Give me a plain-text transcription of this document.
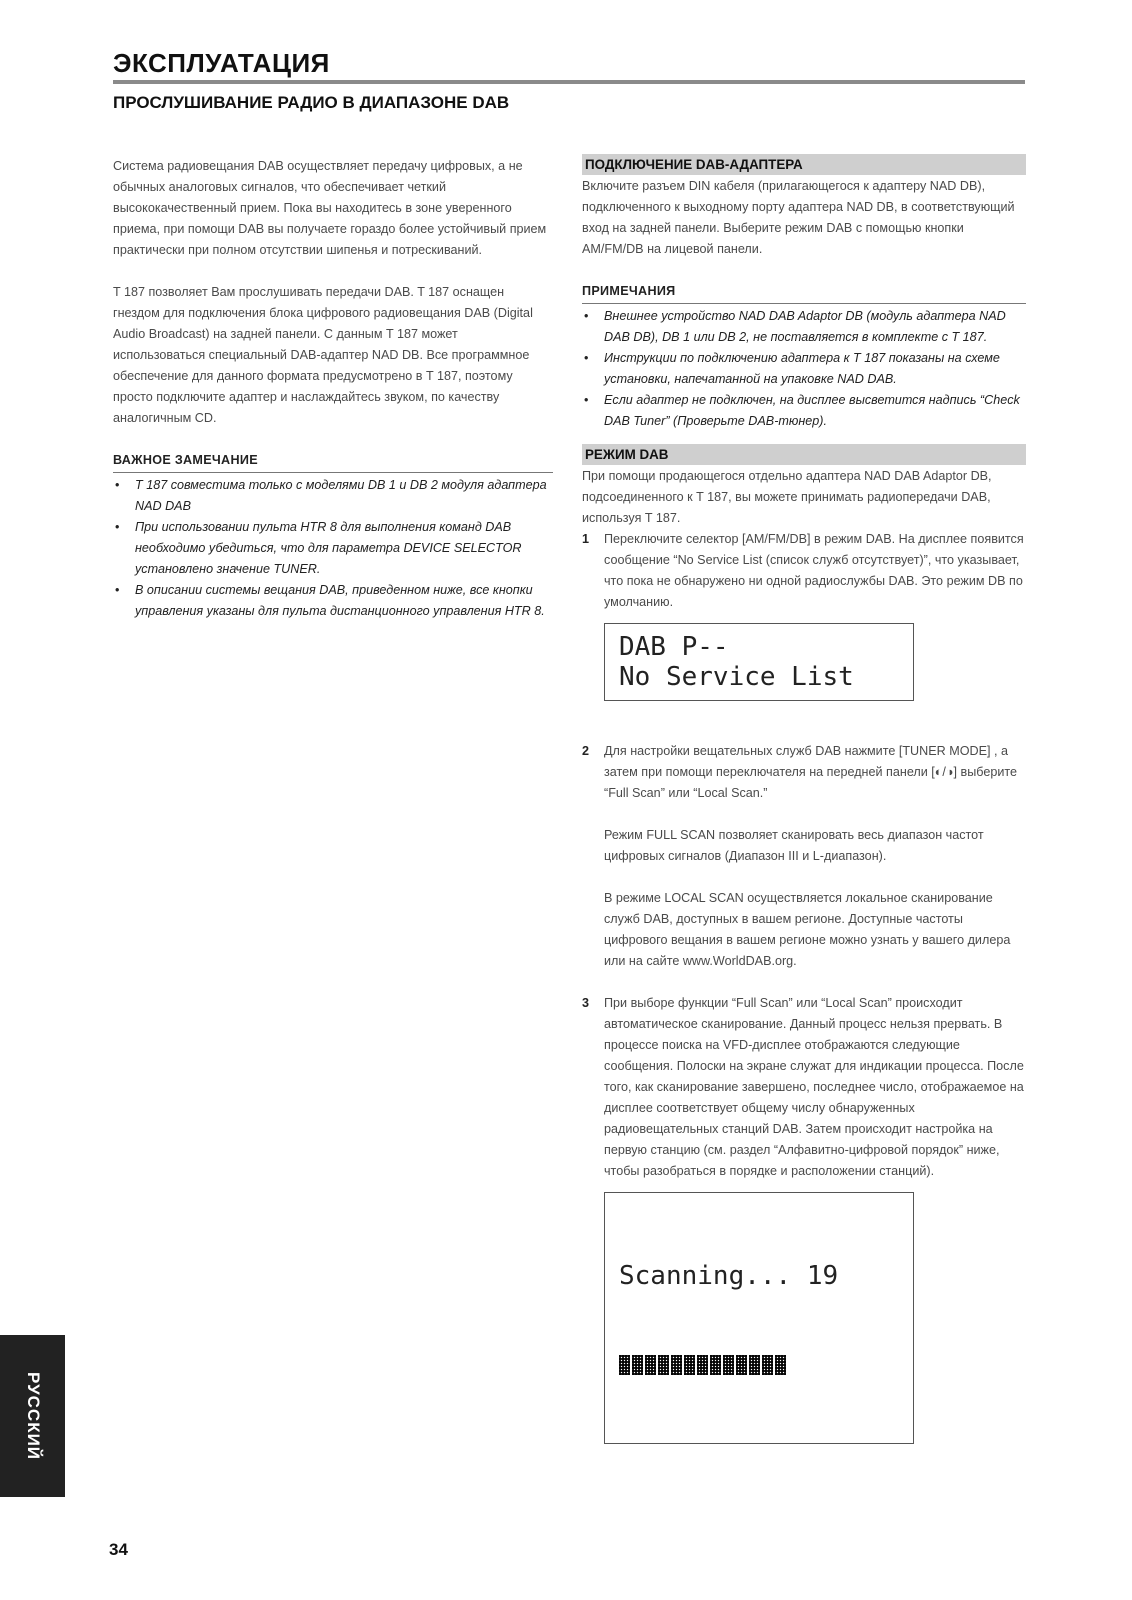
ЭКСПЛУАТАЦИЯ
ПРОСЛУШИВАНИЕ РАДИО В ДИАПАЗОНЕ DAB

Система радиовещания DAB осуществляет передачу цифровых, а не обычных аналоговых сигналов, что обеспечивает четкий высококачественный прием. Пока вы находитесь в зоне уверенного приема, при помощи DAB вы получаете гораздо более устойчивый прием практически при полном отсутствии шипенья и потрескиваний.

T 187 позволяет Вам прослушивать передачи DAB. T 187 оснащен гнездом для подключения блока цифрового радиовещания DAB (Digital Audio Broadcast) на задней панели. С данным T 187 может использоваться специальный DAB-адаптер NAD DB. Все программное обеспечение для данного формата предусмотрено в T 187, поэтому просто подключите адаптер и наслаждайтесь звуком, по качеству аналогичным CD.

ВАЖНОЕ ЗАМЕЧАНИЕ
• T 187 совместима только с моделями DB 1 и DB 2 модуля адаптера NAD DAB
• При использовании пульта HTR 8 для выполнения команд DAB необходимо убедиться, что для параметра DEVICE SELECTOR установлено значение TUNER.
• В описании системы вещания DAB, приведенном ниже, все кнопки управления указаны для пульта дистанционного управления HTR 8.
ПОДКЛЮЧЕНИЕ DAB-АДАПТЕРА

Включите разъем DIN кабеля (прилагающегося к адаптеру NAD DB), подключенного к выходному порту адаптера NAD DB, в соответствующий вход на задней панели. Выберите режим DAB с помощью кнопки AM/FM/DB на лицевой панели.

ПРИМЕЧАНИЯ
• Внешнее устройство NAD DAB Adaptor DB (модуль адаптера NAD DAB DB), DB 1 или DB 2, не поставляется в комплекте с T 187.
• Инструкции по подключению адаптера к T 187 показаны на схеме установки, напечатанной на упаковке NAD DAB.
• Если адаптер не подключен, на дисплее высветится надпись “Check DAB Tuner” (Проверьте DAB-тюнер).
РЕЖИМ DAB

При помощи продающегося отдельно адаптера NAD DAB Adaptor DB, подсоединенного к T 187, вы можете принимать радиопередачи DAB, используя T 187.

1 Переключите селектор [AM/FM/DB] в режим DAB. На дисплее появится сообщение “No Service List (список служб отсутствует)”, что указывает, что пока не обнаружено ни одной радиослужбы DAB. Это режим DB по умолчанию.
DAB P--
No Service List
2 Для настройки вещательных служб DAB нажмите [TUNER MODE] , а затем при помощи переключателя на передней панели [◐/◑] выберите “Full Scan” или “Local Scan.”
Режим FULL SCAN позволяет сканировать весь диапазон частот цифровых сигналов (Диапазон III и L-диапазон).
В режиме LOCAL SCAN осуществляется локальное сканирование служб DAB, доступных в вашем регионе. Доступные частоты цифрового вещания в вашем регионе можно узнать у вашего дилера или на сайте www.WorldDAB.org.
3 При выборе функции “Full Scan” или “Local Scan” происходит автоматическое сканирование. Данный процесс нельзя прервать. В процессе поиска на VFD-дисплее отображаются следующие сообщения. Полоски на экране служат для индикации процесса. После того, как сканирование завершено, последнее число, отображаемое на дисплее соответствует общему числу обнаруженных радиовещательных станций DAB. Затем происходит настройка на первую станцию (см. раздел “Алфавитно-цифровой порядок” ниже, чтобы разобраться в порядке и расположении станций).

Scanning... 19

РУССКИЙ
34
